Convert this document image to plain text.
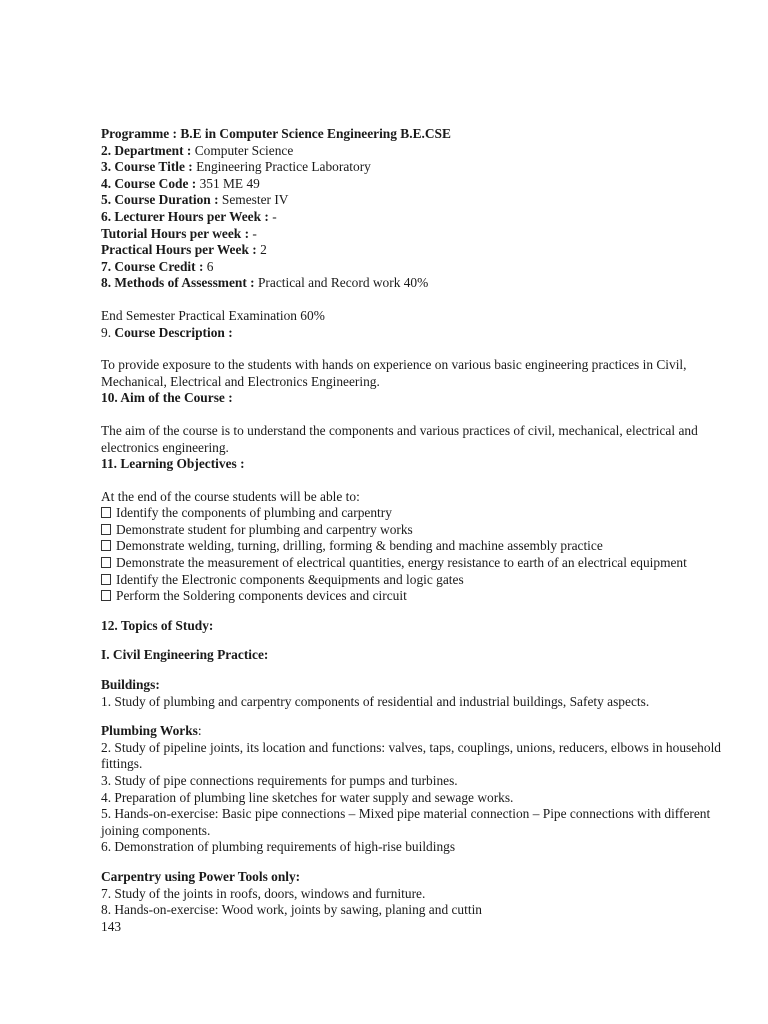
Programme : B.E in Computer Science Engineering B.E.CSE
2. Department : Computer Science
3. Course Title : Engineering Practice Laboratory
4. Course Code : 351 ME 49
5. Course Duration : Semester IV
6. Lecturer Hours per Week : -
Tutorial Hours per week : -
Practical Hours per Week : 2
7. Course Credit : 6
8. Methods of Assessment : Practical and Record work 40%
End Semester Practical Examination 60%
9. Course Description :
To provide exposure to the students with hands on experience on various basic engineering practices in Civil, Mechanical, Electrical and Electronics Engineering.
10. Aim of the Course :
The aim of the course is to understand the components and various practices of civil, mechanical, electrical and electronics engineering.
11. Learning Objectives :
At the end of the course students will be able to:
Identify the components of plumbing and carpentry
Demonstrate student for plumbing and carpentry works
Demonstrate welding, turning, drilling, forming & bending and machine assembly practice
Demonstrate the measurement of electrical quantities, energy resistance to earth of an electrical equipment
Identify the Electronic components &equipments and logic gates
Perform the Soldering components devices and circuit
12. Topics of Study:
I. Civil Engineering Practice:
Buildings:
1. Study of plumbing and carpentry components of residential and industrial buildings, Safety aspects.
Plumbing Works:
2. Study of pipeline joints, its location and functions: valves, taps, couplings, unions, reducers, elbows in household fittings.
3. Study of pipe connections requirements for pumps and turbines.
4. Preparation of plumbing line sketches for water supply and sewage works.
5. Hands-on-exercise: Basic pipe connections – Mixed pipe material connection – Pipe connections with different joining components.
6. Demonstration of plumbing requirements of high-rise buildings
Carpentry using Power Tools only:
7. Study of the joints in roofs, doors, windows and furniture.
8. Hands-on-exercise: Wood work, joints by sawing, planing and cuttin
143
